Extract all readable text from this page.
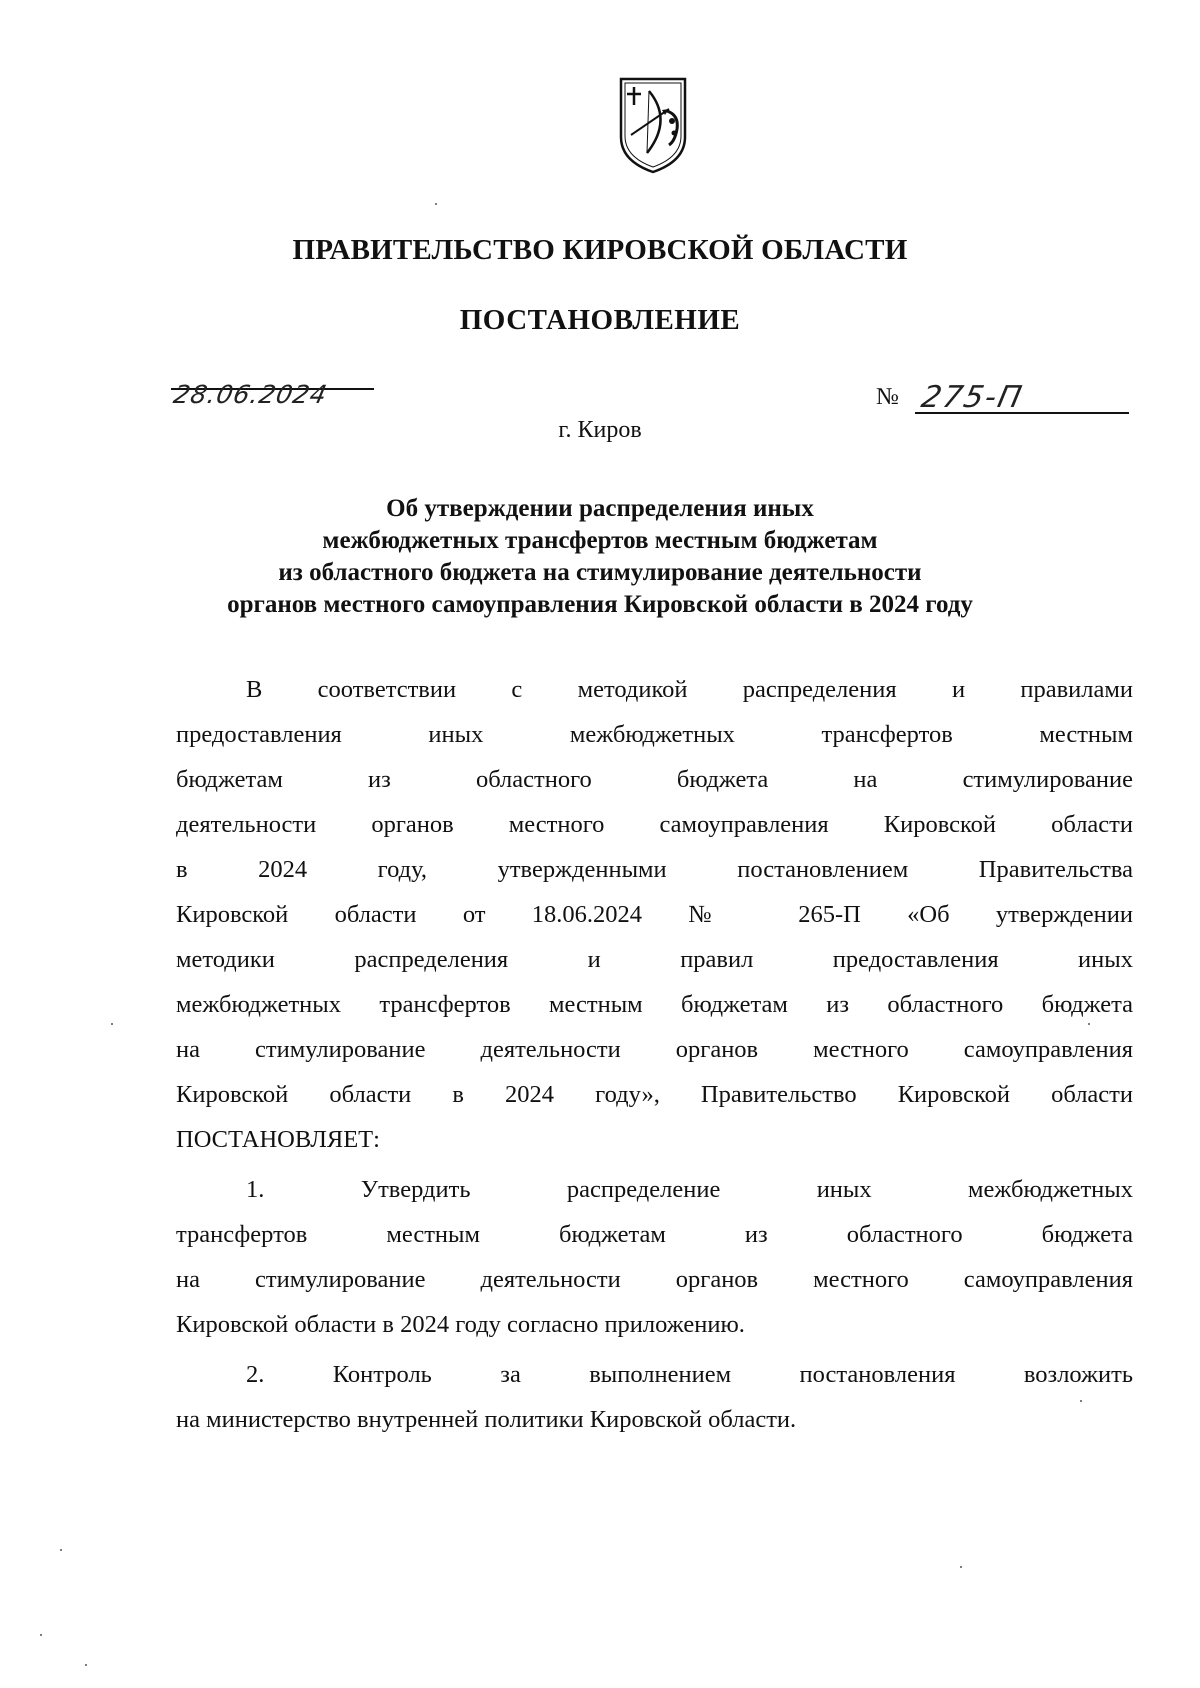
ПРАВИТЕЛЬСТВО КИРОВСКОЙ ОБЛАСТИ
ПОСТАНОВЛЕНИЕ
28.06.2024	№ 275-П
г. Киров
Об утверждении распределения иных
межбюджетных трансфертов местным бюджетам
из областного бюджета на стимулирование деятельности
органов местного самоуправления Кировской области в 2024 году
В соответствии с методикой распределения и правилами
предоставления иных межбюджетных трансфертов местным
бюджетам из областного бюджета на стимулирование
деятельности органов местного самоуправления Кировской области
в 2024 году, утвержденными постановлением Правительства
Кировской области от 18.06.2024 № 265-П «Об утверждении
методики распределения и правил предоставления иных
межбюджетных трансфертов местным бюджетам из областного бюджета
на стимулирование деятельности органов местного самоуправления
Кировской области в 2024 году», Правительство Кировской области
ПОСТАНОВЛЯЕТ:
1. Утвердить распределение иных межбюджетных
трансфертов местным бюджетам из областного бюджета
на стимулирование деятельности органов местного самоуправления
Кировской области в 2024 году согласно приложению.
2. Контроль за выполнением постановления возложить
на министерство внутренней политики Кировской области.
